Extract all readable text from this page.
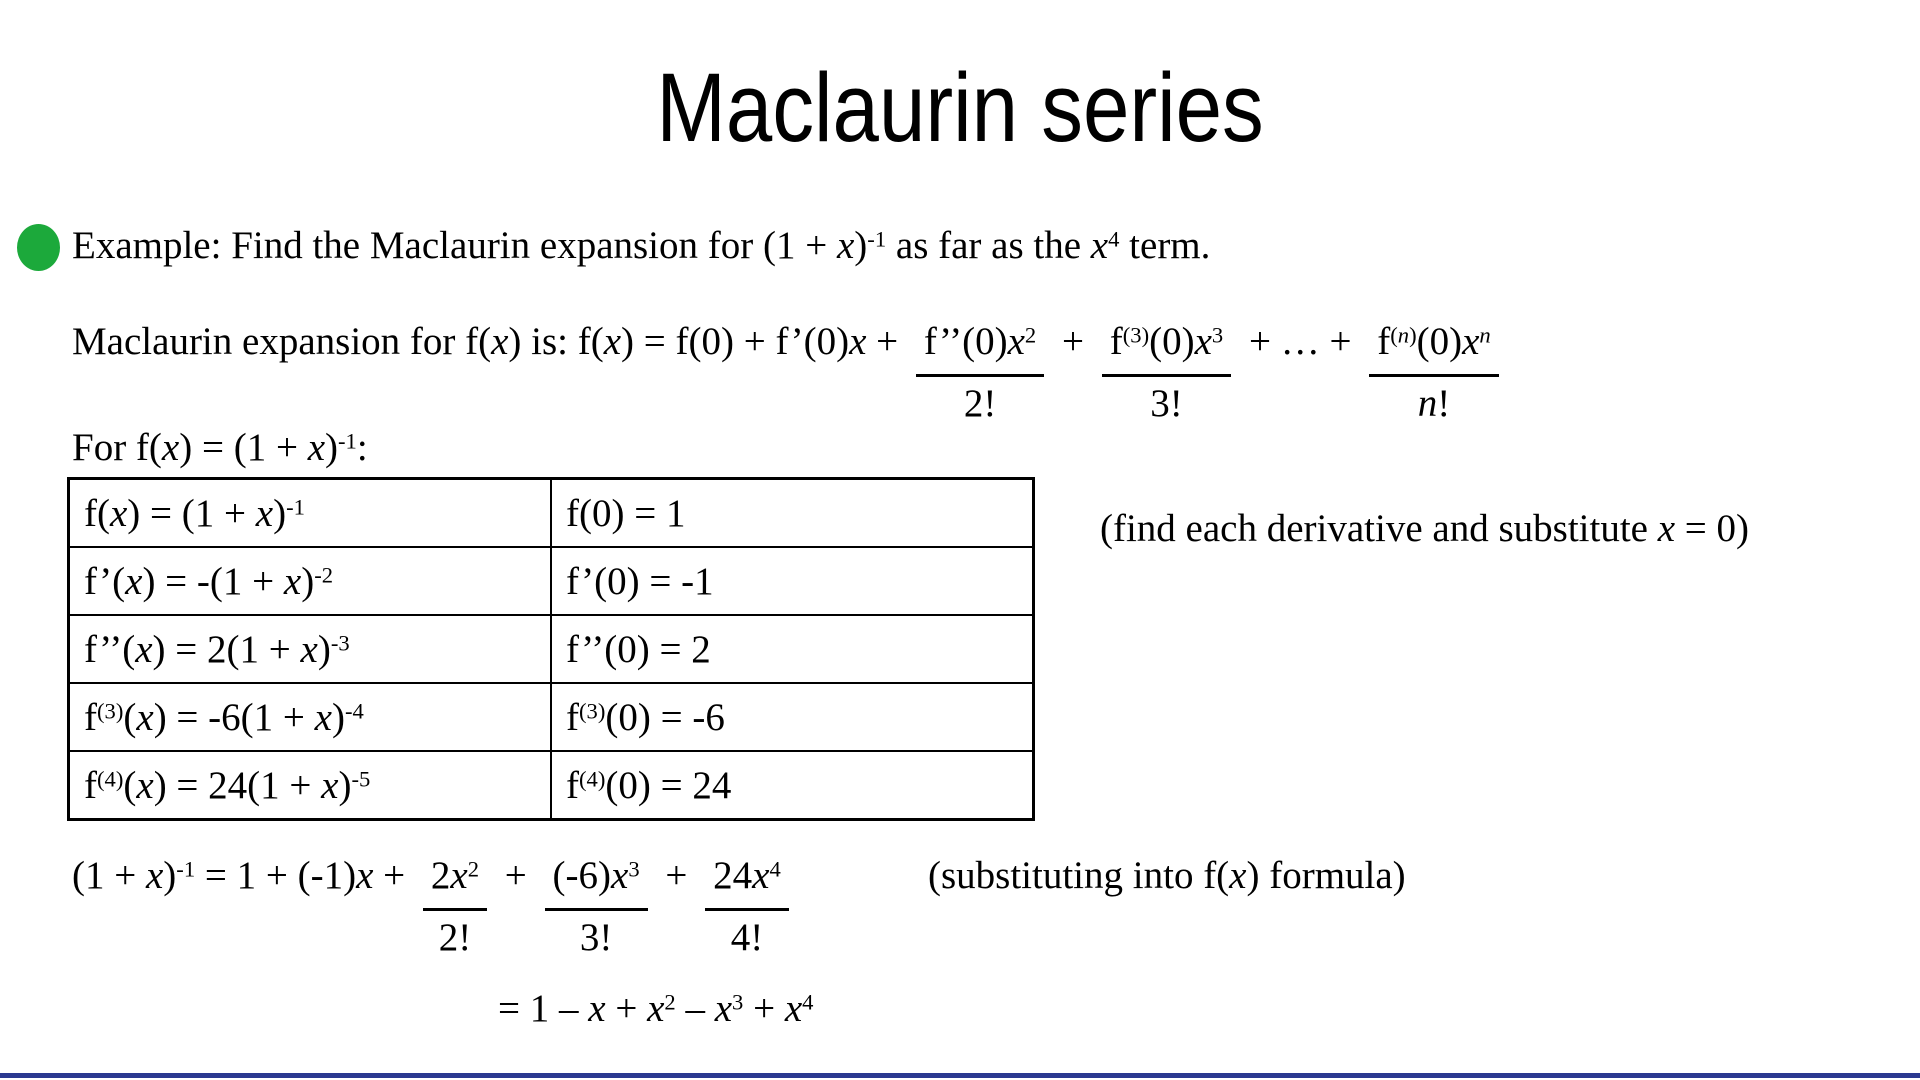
Maclaurin series
Example: Find the Maclaurin expansion for $(1 + x)^{-1}$ as far as the $x^4$ term.
Maclaurin expansion for f(x) is: f(x) = f(0) + f’(0)x + $\frac{f’’(0)x^2}{2!} + \frac{f^{(3)}(0)x^3}{3!}$ + … + $\frac{f^{(n)}(0)x^n}{n!}$
For $f(x) = (1 + x)^{-1}$:
$f(x) = (1 + x)^{-1}$	f(0) = 1
f’(x) = $-(1 + x)^{-2}$	f’(0) = -1
f’’(x) = $2(1 + x)^{-3}$	f’’(0) = 2
$f^{(3)}(x) = -6(1 + x)^{-4}$	$f^{(3)}(0) = -6$
$f^{(4)}(x) = 24(1 + x)^{-5}$	$f^{(4)}(0) = 24$
(find each derivative and substitute x = 0)
$(1 + x)^{-1} = 1 + (-1)x + \frac{2x^2}{2!} + \frac{(-6)x^3}{3!} + \frac{24x^4}{4!}$	(substituting into f(x) formula)
= $1 - x + x^2 - x^3 + x^4$
